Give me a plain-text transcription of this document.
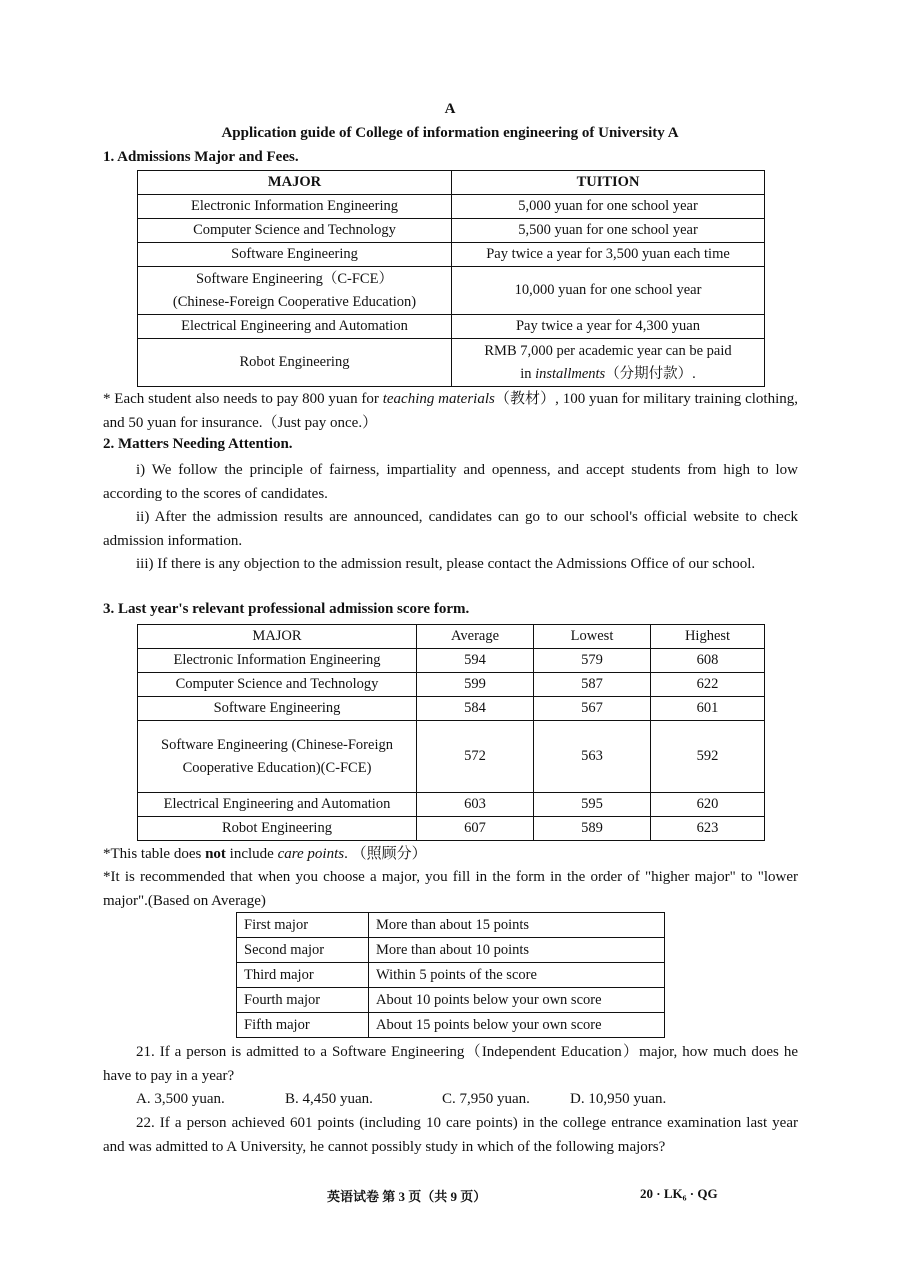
A
Application guide of College of information engineering of University A
1. Admissions Major and Fees.
MAJOR	TUITION
Electronic Information Engineering	5,000 yuan for one school year
Computer Science and Technology	5,500 yuan for one school year
Software Engineering	Pay twice a year for 3,500 yuan each time

Software Engineering（C-FCE）
(Chinese-Foreign Cooperative Education)	10,000 yuan for one school year
Electrical Engineering and Automation	Pay twice a year for 4,300 yuan
Robot Engineering	RMB 7,000 per academic year can be paid
in installments（分期付款）.
* Each student also needs to pay 800 yuan for teaching materials（教材）, 100 yuan for military training clothing, and 50 yuan for insurance.（Just pay once.）
2. Matters Needing Attention.
i) We follow the principle of fairness, impartiality and openness, and accept students from high to low according to the scores of candidates.
ii) After the admission results are announced, candidates can go to our school's official website to check admission information.
iii) If there is any objection to the admission result, please contact the Admissions Office of our school.
3. Last year's relevant professional admission score form.
MAJOR	Average	Lowest	Highest
Electronic Information Engineering	594	579	608
Computer Science and Technology	599	587	622
Software Engineering	584	567	601
Software Engineering (Chinese-Foreign Cooperative Education)(C-FCE)	572	563	592
Electrical Engineering and Automation	603	595	620
Robot Engineering	607	589	623
*This table does not include care points. （照顾分）
*It is recommended that when you choose a major, you fill in the form in the order of "higher major" to "lower major".(Based on Average)
First major	More than about 15 points
Second major	More than about 10 points
Third major	Within 5 points of the score
Fourth major	About 10 points below your own score
Fifth major	About 15 points below your own score
21. If a person is admitted to a Software Engineering（Independent Education）major, how much does he have to pay in a year?
A. 3,500 yuan.	B. 4,450 yuan.	C. 7,950 yuan.	D. 10,950 yuan.
22. If a person achieved 601 points (including 10 care points) in the college entrance examination last year and was admitted to A University, he cannot possibly study in which of the following majors?
英语试卷 第 3 页（共 9 页）	20 · LK₆ · QG
